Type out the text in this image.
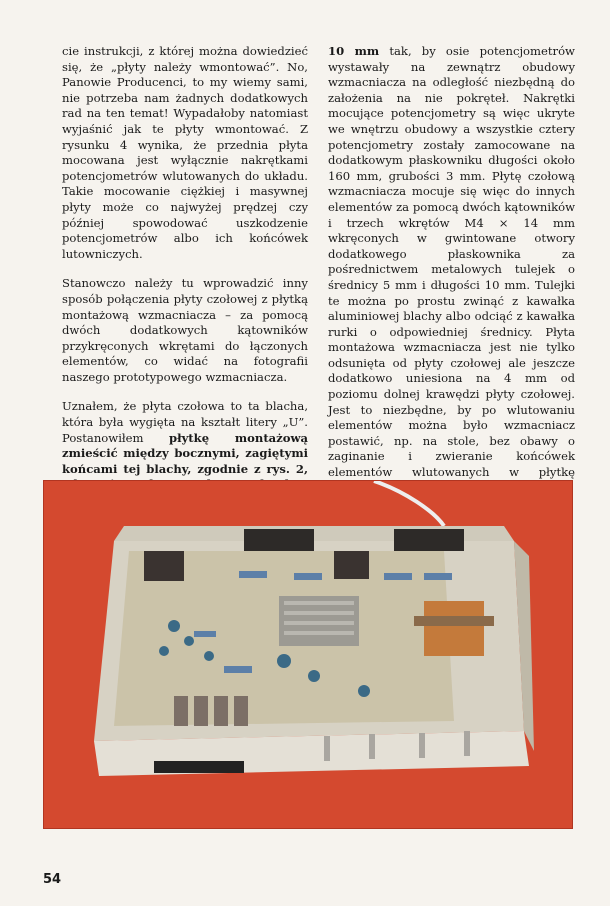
cie instrukcji, z której można dowiedzieć się, że „płyty należy wmontować”. No, Panowie Producenci, to my wiemy sami, nie potrzeba nam żadnych dodatkowych rad na ten temat! Wypadałoby natomiast wyjaśnić jak te płyty wmontować. Z rysunku 4 wynika, że przednia płyta mocowana jest wyłącznie nakrętkami potencjometrów wlutowanych do układu. Takie mocowanie ciężkiej i masywnej płyty może co najwyżej prędzej czy później spowodować uszkodzenie potencjometrów albo ich końcówek lutowniczych.

Stanowczo należy tu wprowadzić inny sposób połączenia płyty czołowej z płytką montażową wzmacniacza – za pomocą dwóch dodatkowych kątowników przykręconych wkrętami do łączonych elementów, co widać na fotografii naszego prototypowego wzmacniacza.

Uznałem, że płyta czołowa to ta blacha, która była wygięta na kształt litery „U”. Postanowiłem płytkę montażową zmieścić między bocznymi, zagiętymi końcami tej blachy, zgodnie z rys. 2,

10 mm tak, by osie potencjometrów wystawały na zewnątrz obudowy wzmacniacza na odległość niezbędną do założenia na nie pokręteł. Nakrętki mocujące potencjometry są więc ukryte we wnętrzu obudowy a wszystkie cztery potencjometry zostały zamocowane na dodatkowym płaskowniku długości około 160 mm, grubości 3 mm. Płytę czołową wzmacniacza mocuje się więc do innych elementów za pomocą dwóch kątowników i trzech wkrętów M4 × 14 mm wkręconych w gwintowane otwory dodatkowego płaskownika za pośrednictwem metalowych tulejek o średnicy 5 mm i długości 10 mm. Tulejki te można po prostu zwinąć z kawałka aluminiowej blachy albo odciąć z kawałka rurki o odpowiedniej średnicy. Płyta montażowa wzmacniacza jest nie tylko odsunięta od płyty czołowej ale jeszcze dodatkowo uniesiona na 4 mm od poziomu dolnej krawędzi płyty czołowej. Jest to niezbędne, by po wlutowaniu elementów można było wzmacniacz postawić, np. na stole, bez obawy o zaginanie i zwieranie końcówek elementów wlutowanych w płytkę

54
